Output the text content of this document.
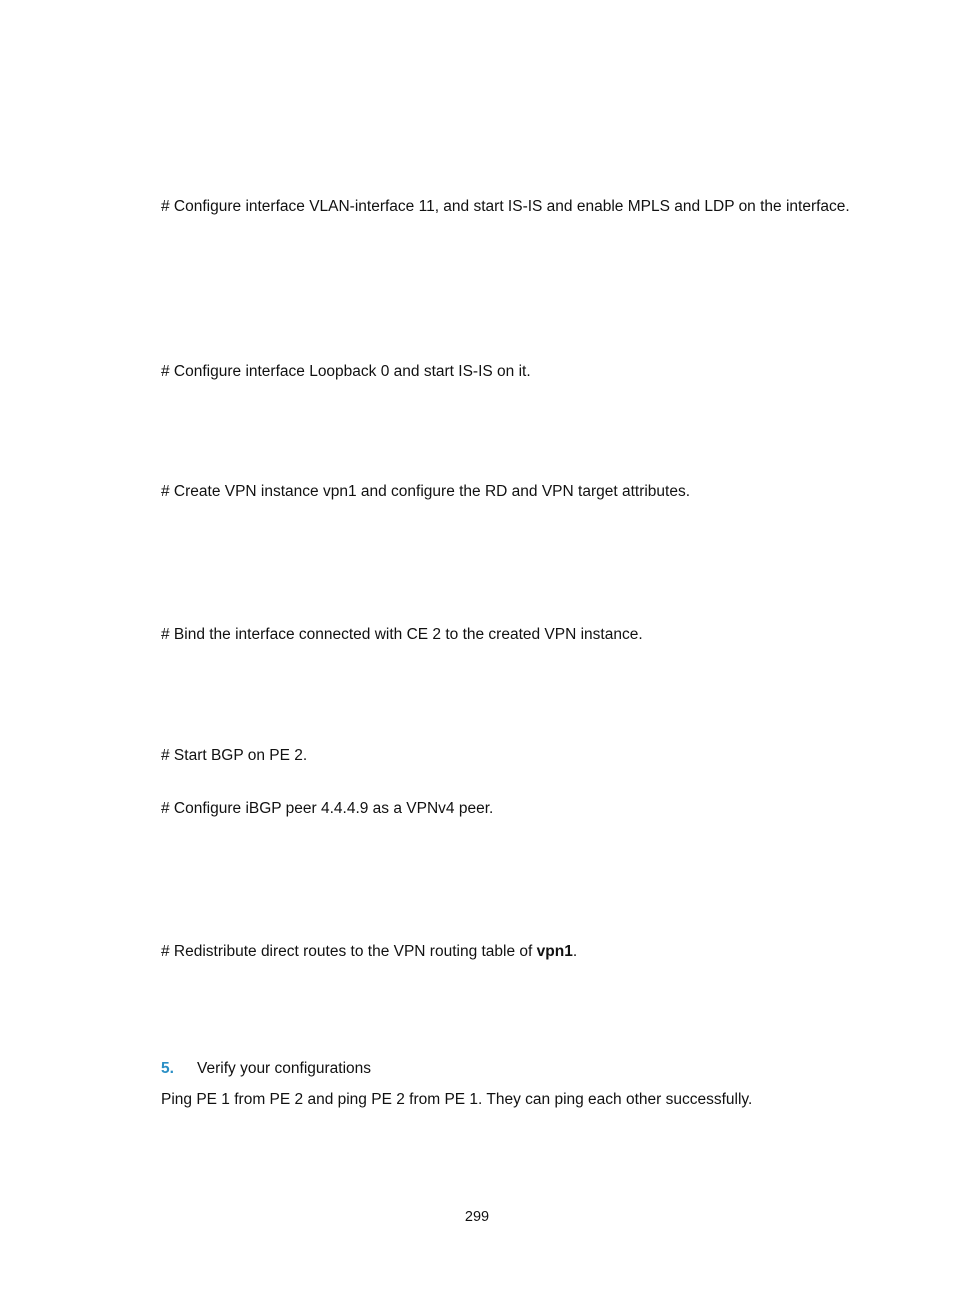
# Configure interface VLAN-interface 11, and start IS-IS and enable MPLS and LDP on the interface.
# Configure interface Loopback 0 and start IS-IS on it.
# Create VPN instance vpn1 and configure the RD and VPN target attributes.
# Bind the interface connected with CE 2 to the created VPN instance.
# Start BGP on PE 2.
# Configure iBGP peer 4.4.4.9 as a VPNv4 peer.
# Redistribute direct routes to the VPN routing table of vpn1.
5. Verify your configurations
Ping PE 1 from PE 2 and ping PE 2 from PE 1. They can ping each other successfully.
299
